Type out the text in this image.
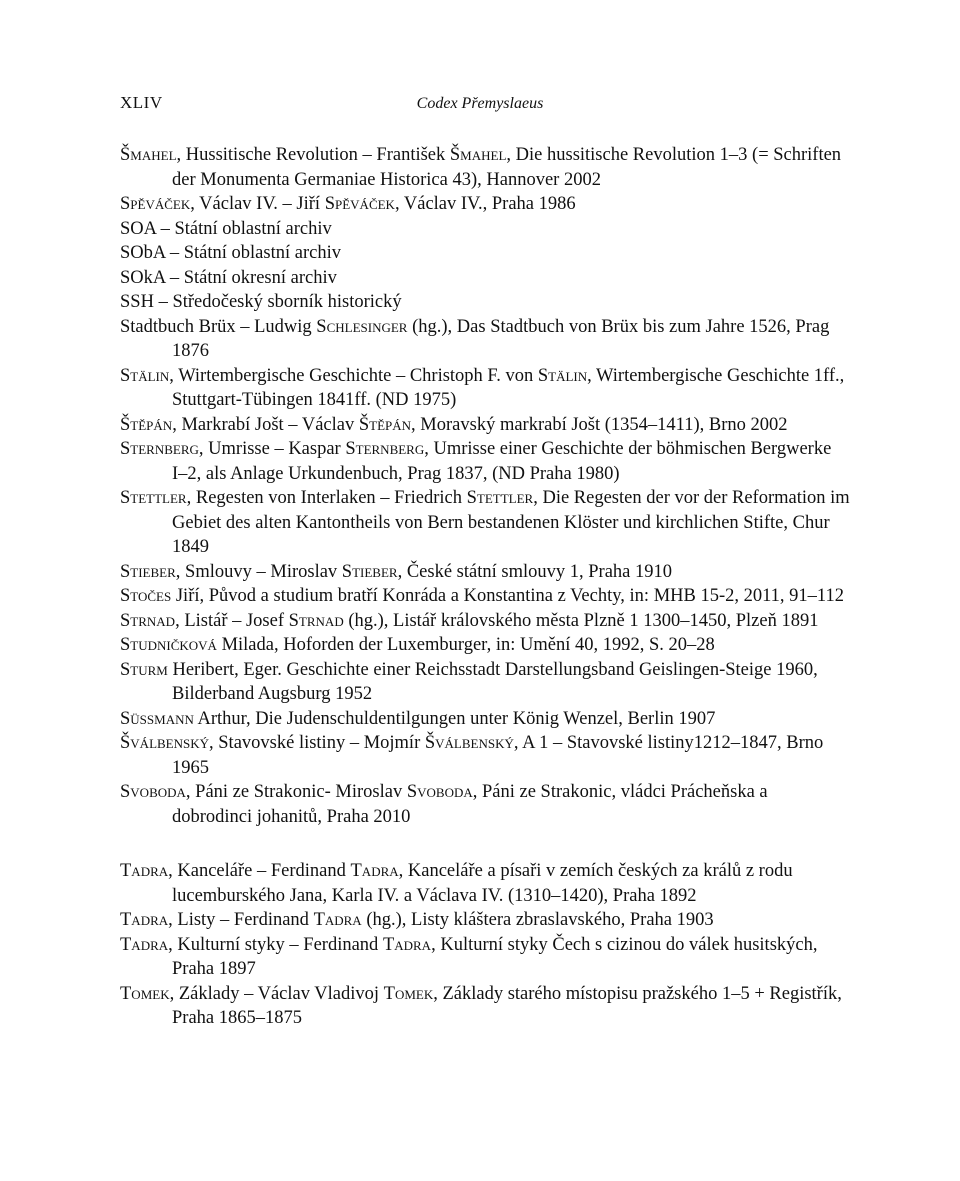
XLIV	Codex Přemyslaeus
Šmahel, Hussitische Revolution – František Šmahel, Die hussitische Revolution 1–3 (= Schriften der Monumenta Germaniae Historica 43), Hannover 2002
Spěváček, Václav IV. – Jiří Spěváček, Václav IV., Praha 1986
SOA – Státní oblastní archiv
SObA – Státní oblastní archiv
SOkA – Státní okresní archiv
SSH – Středočeský sborník historický
Stadtbuch Brüx – Ludwig Schlesinger (hg.), Das Stadtbuch von Brüx bis zum Jahre 1526, Prag 1876
Stälin, Wirtembergische Geschichte – Christoph F. von Stälin, Wirtembergische Geschichte 1ff., Stuttgart-Tübingen 1841ff. (ND 1975)
Štěpán, Markrabí Jošt – Václav Štěpán, Moravský markrabí Jošt (1354–1411), Brno 2002
Sternberg, Umrisse – Kaspar Sternberg, Umrisse einer Geschichte der böhmischen Bergwerke I–2, als Anlage Urkundenbuch, Prag 1837, (ND Praha 1980)
Stettler, Regesten von Interlaken – Friedrich Stettler, Die Regesten der vor der Reformation im Gebiet des alten Kantontheils von Bern bestandenen Klöster und kirchlichen Stifte, Chur 1849
Stieber, Smlouvy – Miroslav Stieber, České státní smlouvy 1, Praha 1910
Stočes Jiří, Původ a studium bratří Konráda a Konstantina z Vechty, in: MHB 15-2, 2011, 91–112
Strnad, Listář – Josef Strnad (hg.), Listář královského města Plzně 1 1300–1450, Plzeň 1891
Studničková Milada, Hoforden der Luxemburger, in: Umění 40, 1992, S. 20–28
Sturm Heribert, Eger. Geschichte einer Reichsstadt Darstellungsband Geislingen-Steige 1960, Bilderband Augsburg 1952
Süssmann Arthur, Die Judenschuldentilgungen unter König Wenzel, Berlin 1907
Šválbenský, Stavovské listiny – Mojmír Šválbenský, A 1 – Stavovské listiny1212–1847, Brno 1965
Svoboda, Páni ze Strakonic- Miroslav Svoboda, Páni ze Strakonic, vládci Prácheňska a dobrodinci johanitů, Praha 2010
Tadra, Kanceláře – Ferdinand Tadra, Kanceláře a písaři v zemích českých za králů z rodu lucemburského Jana, Karla IV. a Václava IV. (1310–1420), Praha 1892
Tadra, Listy – Ferdinand Tadra (hg.), Listy kláštera zbraslavského, Praha 1903
Tadra, Kulturní styky – Ferdinand Tadra, Kulturní styky Čech s cizinou do válek husitských, Praha 1897
Tomek, Základy – Václav Vladivoj Tomek, Základy starého místopisu pražského 1–5 + Registřík, Praha 1865–1875
